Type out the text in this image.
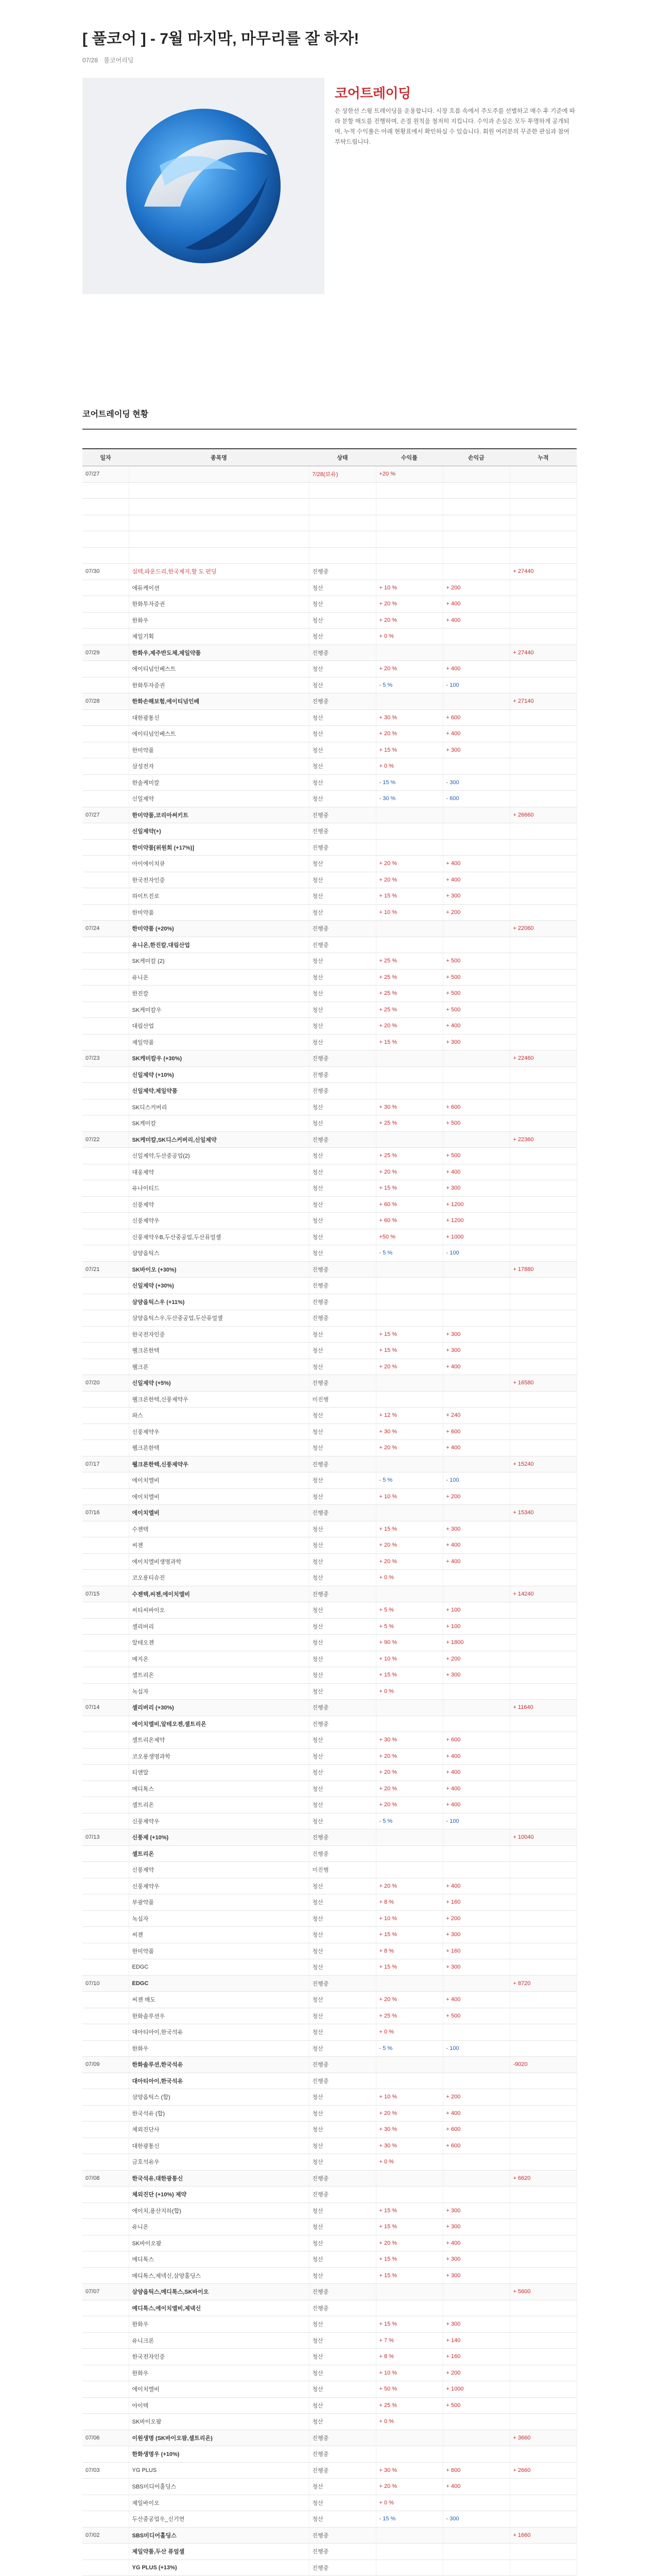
[ 풀코어 ] - 7월 마지막, 마무리를 잘 하자!
07/28 풀코어리딩
코어트레이딩
은 상한선 스윙 트레이딩을 운용합니다. 시장 흐름 속에서 주도주를 선별하고 매수 후 기준에 따라 분할 매도를 진행하며, 손절 원칙을 철저히 지킵니다. 수익과 손실은 모두 투명하게 공개되며, 누적 수익률은 아래 현황표에서 확인하실 수 있습니다. 회원 여러분의 꾸준한 관심과 참여 부탁드립니다.
코어트레이딩 현황
일자	종목명	상태	수익률	손익금	누적
07/27		7/28(보유)	+20 %		

07/30	심텍,파운드리,한국제지,할 도 펀딩	진행중			+ 27440
	에듀케이션	청산	+ 10 %	+ 200	
	한화투자증권	청산	+ 20 %	+ 400	
	한화우	청산	+ 20 %	+ 400	
	제일기획	청산	+ 0 %		
07/29	한화우,제주반도체,제일약품	진행중			+ 27440
	에이티넘인베스트	청산	+ 20 %	+ 400	
	한화투자증권	청산	- 5 %	- 100	
07/28	한화손해보험,에이티넘인베	진행중			+ 27140
	대한광통신	청산	+ 30 %	+ 600	
	에이티넘인베스트	청산	+ 20 %	+ 400	
	한미약품	청산	+ 15 %	+ 300	
	삼성전자	청산	+ 0 %		
	한솔케미칼	청산	- 15 %	- 300	
	신일제약	청산	- 30 %	- 600	
07/27	한미약품,코리아써키트	진행중			+ 26660
	신일제약(+)	진행중			
	한미약품[위원회 (+17%)]	진행중			
	아이에이치큐	청산	+ 20 %	+ 400	
	한국전자인증	청산	+ 20 %	+ 400	
	하이트진로	청산	+ 15 %	+ 300	
	한미약품	청산	+ 10 %	+ 200	
07/24	한미약품 (+20%)	진행중			+ 22060
	유니온,한진칼,대림산업	진행중			
	SK케미칼 (2)	청산	+ 25 %	+ 500	
	유니온	청산	+ 25 %	+ 500	
	한진칼	청산	+ 25 %	+ 500	
	SK케미칼우	청산	+ 25 %	+ 500	
	대림산업	청산	+ 20 %	+ 400	
	제일약품	청산	+ 15 %	+ 300	
07/23	SK케미칼우 (+30%)	진행중			+ 22460
	신일제약 (+10%)	진행중			
	신일제약,제일약품	진행중			
	SK디스커버리	청산	+ 30 %	+ 600	
	SK케미칼	청산	+ 25 %	+ 500	
07/22	SK케미칼,SK디스커버리,신일제약	진행중			+ 22360
	신일제약,두산중공업(2)	청산	+ 25 %	+ 500	
	대웅제약	청산	+ 20 %	+ 400	
	유나이티드	청산	+ 15 %	+ 300	
	신풍제약	청산	+ 60 %	+ 1200	
	신풍제약우	청산	+ 60 %	+ 1200	
	신풍제약우B,두산중공업,두산퓨얼셀	청산	+50 %	+ 1000	
	삼양옵틱스	청산	- 5 %	- 100	
07/21	SK바이오 (+30%)	진행중			+ 17880
	신일제약 (+30%)	진행중			
	삼양옵틱스우 (+11%)	진행중			
	삼양옵틱스우,두산중공업,두산퓨얼셀	진행중			
	한국전자인증	청산	+ 15 %	+ 300	
	웰크론한텍	청산	+ 15 %	+ 300	
	웰크론	청산	+ 20 %	+ 400	
07/20	신일제약 (+5%)	진행중			+ 16580
	웰크론한텍,신풍제약우	미진행			
	파스	청산	+ 12 %	+ 240	
	신풍제약우	청산	+ 30 %	+ 600	
	웰크론한텍	청산	+ 20 %	+ 400	
07/17	웰크론한텍,신풍제약우	진행중			+ 15240
	에이치엘비	청산	- 5 %	- 100	
	에이치엘비	청산	+ 10 %	+ 200	
07/16	에이치엘비	진행중			+ 15340
	수젠텍	청산	+ 15 %	+ 300	
	씨젠	청산	+ 20 %	+ 400	
	에이치엘비생명과학	청산	+ 20 %	+ 400	
	코오롱티슈진	청산	+ 0 %		
07/15	수젠텍,씨젠,에이치엘비	진행중			+ 14240
	씨티씨바이오	청산	+ 5 %	+ 100	
	셀리버리	청산	+ 5 %	+ 100	
	알테오젠	청산	+ 90 %	+ 1800	
	메지온	청산	+ 10 %	+ 200	
	셀트리온	청산	+ 15 %	+ 300	
	녹십자	청산	+ 0 %		
07/14	셀리버리 (+30%)	진행중			+ 11640
	에이치엘비,알테오젠,셀트리온	진행중			
	셀트리온제약	청산	+ 30 %	+ 600	
	코오롱생명과학	청산	+ 20 %	+ 400	
	티앤알	청산	+ 20 %	+ 400	
	메디톡스	청산	+ 20 %	+ 400	
	셀트리온	청산	+ 20 %	+ 400	
	신풍제약우	청산	- 5 %	- 100	
07/13	신풍제 (+10%)	진행중			+ 10040
	셀트리온	진행중			
	신풍제약	미진행			
	신풍제약우	청산	+ 20 %	+ 400	
	부광약품	청산	+ 8 %	+ 160	
	녹십자	청산	+ 10 %	+ 200	
	씨젠	청산	+ 15 %	+ 300	
	한미약품	청산	+ 8 %	+ 160	
	EDGC	청산	+ 15 %	+ 300	
07/10	EDGC	진행중			+ 8720
	씨젠 매도	청산	+ 20 %	+ 400	
	한화솔루션우	청산	+ 25 %	+ 500	
	대아티아이,한국석유	청산	+ 0 %		
	한화우	청산	- 5 %	- 100	
07/09	한화솔루션,한국석유	진행중			-9020
	대아티아이,한국석유	진행중			
	삼양옵틱스 (합)	청산	+ 10 %	+ 200	
	한국석유 (합)	청산	+ 20 %	+ 400	
	체외진단사	청산	+ 30 %	+ 600	
	대한광통신	청산	+ 30 %	+ 600	
	금호석유우	청산	+ 0 %		
07/08	한국석유,대한광통신	진행중			+ 6620
	체외진단 (+10%) 제약	진행중			
	에이치,용산지하(합)	청산	+ 15 %	+ 300	
	유니온	청산	+ 15 %	+ 300	
	SK바이오팜	청산	+ 20 %	+ 400	
	메디톡스	청산	+ 15 %	+ 300	
	메디톡스,제넥신,삼양홀딩스	청산	+ 15 %	+ 300	
07/07	삼양옵틱스,메디톡스,SK바이오	진행중			+ 5600
	메디톡스,에이치엘비,제넥신	진행중			
	한화우	청산	+ 15 %	+ 300	
	유니크론	청산	+ 7 %	+ 140	
	한국전자인증	청산	+ 8 %	+ 160	
	한화우	청산	+ 10 %	+ 200	
	에이치엘비	청산	+ 50 %	+ 1000	
	아이텍	청산	+ 25 %	+ 500	
	SK바이오팜	청산	+ 0 %		
07/06	이원생명 (SK바이오팜,셀트리온)	진행중			+ 3660
	한화생명우 (+10%)	진행중			
07/03	YG PLUS	진행중	+ 30 %	+ 600	+ 2660
	SBS미디어홀딩스	청산	+ 20 %	+ 400	
	제일바이오	청산	+ 0 %		
	두산중공업우_신기연	청산	- 15 %	- 300	
07/02	SBS미디어홀딩스	진행중			+ 1660
	제일약품,두산 퓨얼셀	진행중			
	YG PLUS (+13%)	진행중			
